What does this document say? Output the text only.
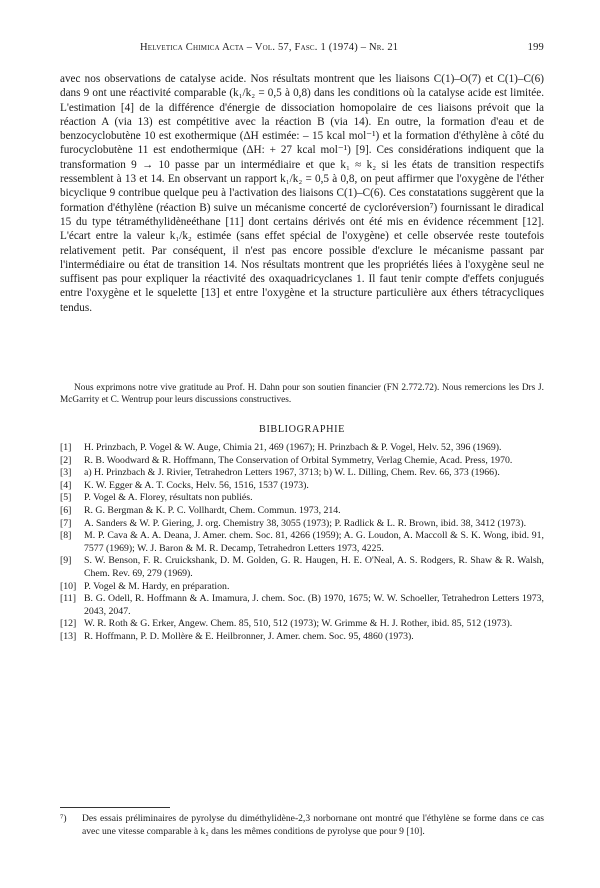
Helvetica Chimica Acta – Vol. 57, Fasc. 1 (1974) – Nr. 21	199

avec nos observations de catalyse acide. Nos résultats montrent que les liaisons C(1)–O(7) et C(1)–C(6) dans 9 ont une réactivité comparable (k₁/k₂ = 0,5 à 0,8) dans les conditions où la catalyse acide est limitée. L'estimation [4] de la différence d'énergie de dissociation homopolaire de ces liaisons prévoit que la réaction A (via 13) est compétitive avec la réaction B (via 14). En outre, la formation d'eau et de benzocyclobutène 10 est exothermique (ΔH estimée: – 15 kcal mol⁻¹) et la formation d'éthylène à côté du furocyclobutène 11 est endothermique (ΔH: + 27 kcal mol⁻¹) [9]. Ces considérations indiquent que la transformation 9 → 10 passe par un intermédiaire et que k₁ ≈ k₂ si les états de transition respectifs ressemblent à 13 et 14. En observant un rapport k₁/k₂ = 0,5 à 0,8, on peut affirmer que l'oxygène de l'éther bicyclique 9 contribue quelque peu à l'activation des liaisons C(1)–C(6). Ces constatations suggèrent que la formation d'éthylène (réaction B) suive un mécanisme concerté de cycloréversion⁷) fournissant le diradical 15 du type tétraméthylidèneéthane [11] dont certains dérivés ont été mis en évidence récemment [12]. L'écart entre la valeur k₁/k₂ estimée (sans effet spécial de l'oxygène) et celle observée reste toutefois relativement petit. Par conséquent, il n'est pas encore possible d'exclure le mécanisme passant par l'intermédiaire ou état de transition 14. Nos résultats montrent que les propriétés liées à l'oxygène seul ne suffisent pas pour expliquer la réactivité des oxaquadricyclanes 1. Il faut tenir compte d'effets conjugués entre l'oxygène et le squelette [13] et entre l'oxygène et la structure particulière aux éthers tétracycliques tendus.

Nous exprimons notre vive gratitude au Prof. H. Dahn pour son soutien financier (FN 2.772.72). Nous remercions les Drs J. McGarrity et C. Wentrup pour leurs discussions constructives.

BIBLIOGRAPHIE
[1]	H. Prinzbach, P. Vogel & W. Auge, Chimia 21, 469 (1967); H. Prinzbach & P. Vogel, Helv. 52, 396 (1969).
[2]	R. B. Woodward & R. Hoffmann, The Conservation of Orbital Symmetry, Verlag Chemie, Acad. Press, 1970.
[3]	a) H. Prinzbach & J. Rivier, Tetrahedron Letters 1967, 3713; b) W. L. Dilling, Chem. Rev. 66, 373 (1966).
[4]	K. W. Egger & A. T. Cocks, Helv. 56, 1516, 1537 (1973).
[5]	P. Vogel & A. Florey, résultats non publiés.
[6]	R. G. Bergman & K. P. C. Vollhardt, Chem. Commun. 1973, 214.
[7]	A. Sanders & W. P. Giering, J. org. Chemistry 38, 3055 (1973); P. Radlick & L. R. Brown, ibid. 38, 3412 (1973).
[8]	M. P. Cava & A. A. Deana, J. Amer. chem. Soc. 81, 4266 (1959); A. G. Loudon, A. Maccoll & S. K. Wong, ibid. 91, 7577 (1969); W. J. Baron & M. R. Decamp, Tetrahedron Letters 1973, 4225.
[9]	S. W. Benson, F. R. Cruickshank, D. M. Golden, G. R. Haugen, H. E. O'Neal, A. S. Rodgers, R. Shaw & R. Walsh, Chem. Rev. 69, 279 (1969).
[10] P. Vogel & M. Hardy, en préparation.
[11] B. G. Odell, R. Hoffmann & A. Imamura, J. chem. Soc. (B) 1970, 1675; W. W. Schoeller, Tetrahedron Letters 1973, 2043, 2047.
[12] W. R. Roth & G. Erker, Angew. Chem. 85, 510, 512 (1973); W. Grimme & H. J. Rother, ibid. 85, 512 (1973).
[13] R. Hoffmann, P. D. Mollère & E. Heilbronner, J. Amer. chem. Soc. 95, 4860 (1973).
⁷)	Des essais préliminaires de pyrolyse du diméthylidène-2,3 norbornane ont montré que l'éthylène se forme dans ce cas avec une vitesse comparable à k₂ dans les mêmes conditions de pyrolyse que pour 9 [10].
